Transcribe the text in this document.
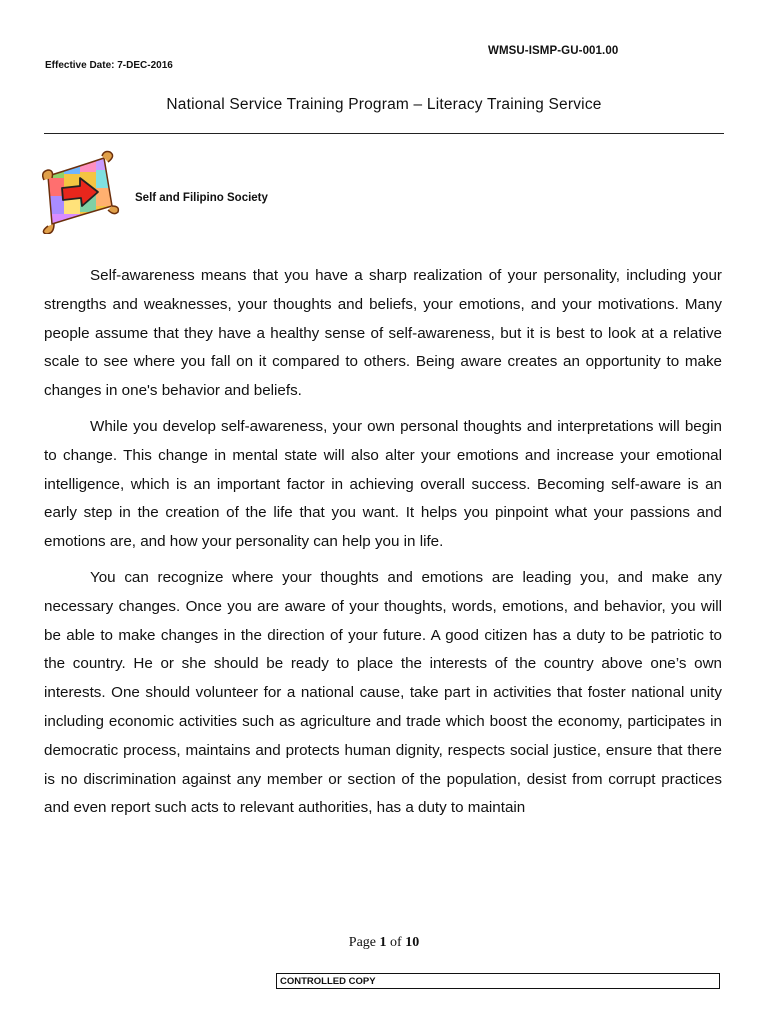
WMSU-ISMP-GU-001.00
Effective Date: 7-DEC-2016
National Service Training Program – Literacy Training Service
Self and Filipino Society

Self-awareness means that you have a sharp realization of your personality, including your strengths and weaknesses, your thoughts and beliefs, your emotions, and your motivations. Many people assume that they have a healthy sense of self-awareness, but it is best to look at a relative scale to see where you fall on it compared to others. Being aware creates an opportunity to make changes in one's behavior and beliefs.

While you develop self-awareness, your own personal thoughts and interpretations will begin to change. This change in mental state will also alter your emotions and increase your emotional intelligence, which is an important factor in achieving overall success. Becoming self-aware is an early step in the creation of the life that you want. It helps you pinpoint what your passions and emotions are, and how your personality can help you in life.

You can recognize where your thoughts and emotions are leading you, and make any necessary changes. Once you are aware of your thoughts, words, emotions, and behavior, you will be able to make changes in the direction of your future. A good citizen has a duty to be patriotic to the country. He or she should be ready to place the interests of the country above one’s own interests. One should volunteer for a national cause, take part in activities that foster national unity including economic activities such as agriculture and trade which boost the economy, participates in democratic process, maintains and protects human dignity, respects social justice, ensure that there is no discrimination against any member or section of the population, desist from corrupt practices and even report such acts to relevant authorities, has a duty to maintain

Page 1 of 10
CONTROLLED COPY
